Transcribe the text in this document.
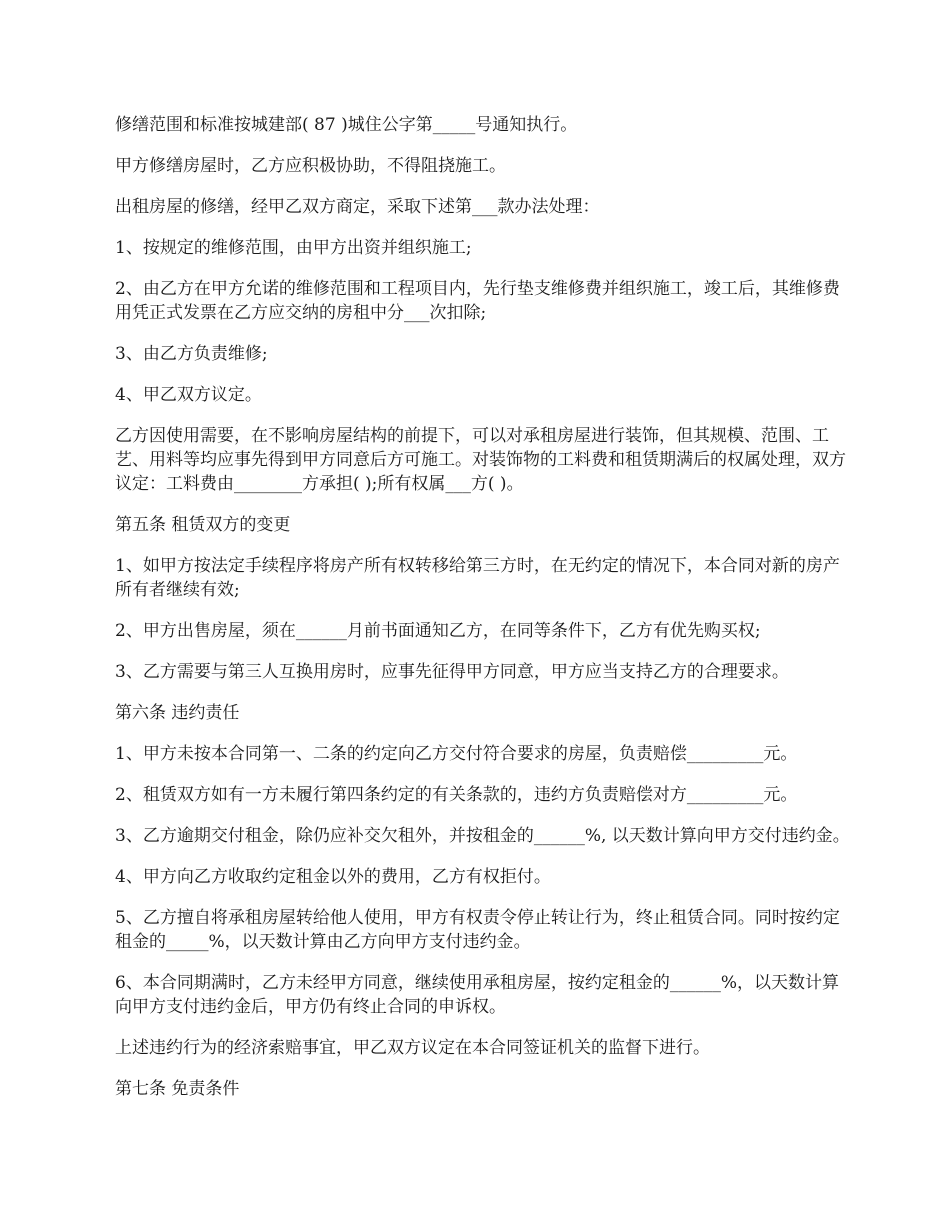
修缮范围和标准按城建部( 87 )城住公字第_____号通知执行。

甲方修缮房屋时，乙方应积极协助，不得阻挠施工。

出租房屋的修缮，经甲乙双方商定，采取下述第___款办法处理：

1、按规定的维修范围，由甲方出资并组织施工;

2、由乙方在甲方允诺的维修范围和工程项目内，先行垫支维修费并组织施工，竣工后，其维修费用凭正式发票在乙方应交纳的房租中分___次扣除;

3、由乙方负责维修;

4、甲乙双方议定。

乙方因使用需要，在不影响房屋结构的前提下，可以对承租房屋进行装饰，但其规模、范围、工艺、用料等均应事先得到甲方同意后方可施工。对装饰物的工料费和租赁期满后的权属处理，双方议定：工料费由________方承担( );所有权属___方( )。

第五条 租赁双方的变更

1、如甲方按法定手续程序将房产所有权转移给第三方时，在无约定的情况下，本合同对新的房产所有者继续有效;

2、甲方出售房屋，须在______月前书面通知乙方，在同等条件下，乙方有优先购买权;

3、乙方需要与第三人互换用房时，应事先征得甲方同意，甲方应当支持乙方的合理要求。

第六条 违约责任

1、甲方未按本合同第一、二条的约定向乙方交付符合要求的房屋，负责赔偿_________元。

2、租赁双方如有一方未履行第四条约定的有关条款的，违约方负责赔偿对方_________元。

3、乙方逾期交付租金，除仍应补交欠租外，并按租金的______%, 以天数计算向甲方交付违约金。

4、甲方向乙方收取约定租金以外的费用，乙方有权拒付。

5、乙方擅自将承租房屋转给他人使用，甲方有权责令停止转让行为，终止租赁合同。同时按约定租金的_____%，以天数计算由乙方向甲方支付违约金。

6、本合同期满时，乙方未经甲方同意，继续使用承租房屋，按约定租金的______%，以天数计算向甲方支付违约金后，甲方仍有终止合同的申诉权。

上述违约行为的经济索赔事宜，甲乙双方议定在本合同签证机关的监督下进行。

第七条 免责条件
